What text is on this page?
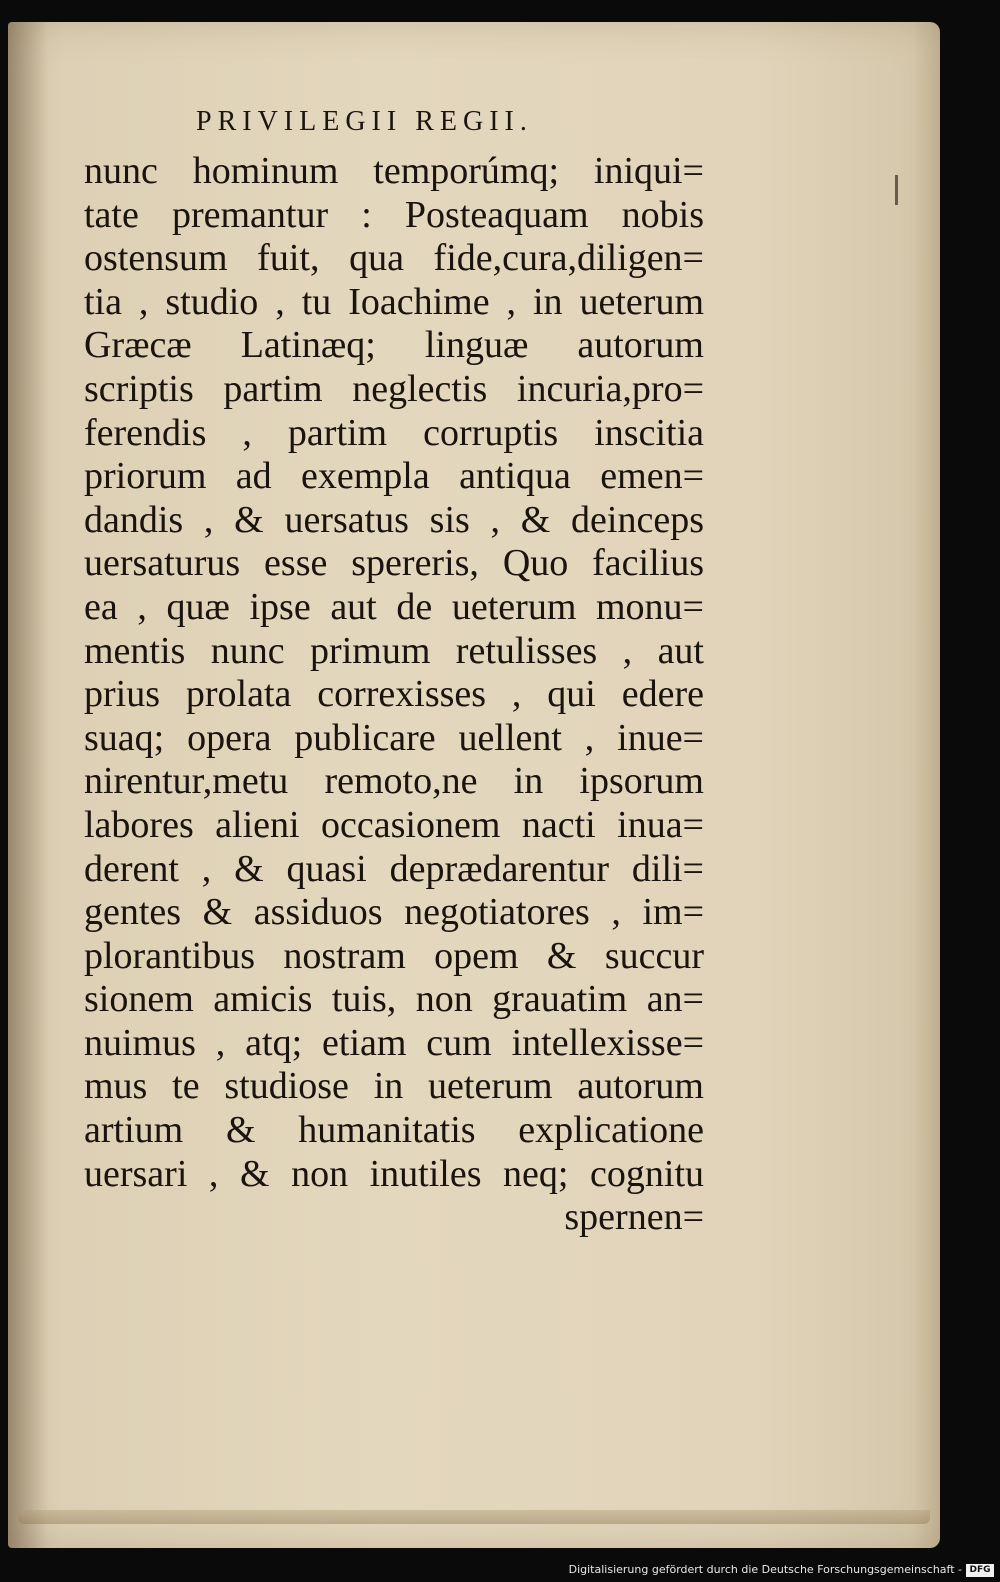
PRIVILEGII REGII.
nunc hominum temporúmq; iniqui=
tate premantur : Posteaquam nobis
ostensum fuit, qua fide,cura,diligen=
tia , studio , tu Ioachime , in ueterum
Græcæ Latinæq; linguæ autorum
scriptis partim neglectis incuria,pro=
ferendis , partim corruptis inscitia
priorum ad exempla antiqua emen=
dandis , & uersatus sis , & deinceps
uersaturus esse spereris, Quo facilius
ea , quæ ipse aut de ueterum monu=
mentis nunc primum retulisses , aut
prius prolata correxisses , qui edere
suaq; opera publicare uellent , inue=
nirentur,metu remoto,ne in ipsorum
labores alieni occasionem nacti inua=
derent , & quasi deprædarentur dili=
gentes & assiduos negotiatores , im=
plorantibus nostram opem & succur
sionem amicis tuis, non grauatim an=
nuimus , atq; etiam cum intellexisse=
mus te studiose in ueterum autorum
artium & humanitatis explicatione
uersari , & non inutiles neq; cognitu
spernen=
Digitalisierung gefördert durch die Deutsche Forschungsgemeinschaft - DFG
